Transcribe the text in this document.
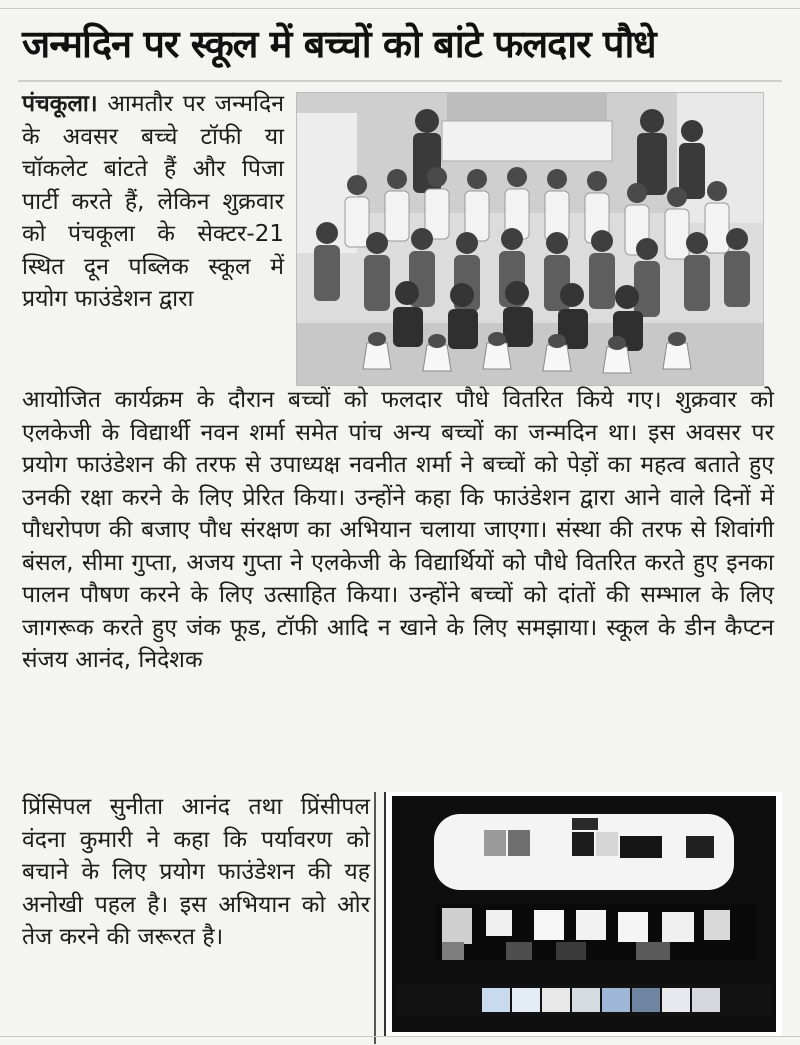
जन्मदिन पर स्कूल में बच्चों को बांटे फलदार पौधे
पंचकूला। आमतौर पर जन्मदिन के अवसर बच्चे टॉफी या चॉकलेट बांटते हैं और पिजा पार्टी करते हैं, लेकिन शुक्रवार को पंचकूला के सेक्टर-21 स्थित दून पब्लिक स्कूल में प्रयोग फाउंडेशन द्वारा
आयोजित कार्यक्रम के दौरान बच्चों को फलदार पौधे वितरित किये गए। शुक्रवार को एलकेजी के विद्यार्थी नवन शर्मा समेत पांच अन्य बच्चों का जन्मदिन था। इस अवसर पर प्रयोग फाउंडेशन की तरफ से उपाध्यक्ष नवनीत शर्मा ने बच्चों को पेड़ों का महत्व बताते हुए उनकी रक्षा करने के लिए प्रेरित किया। उन्होंने कहा कि फाउंडेशन द्वारा आने वाले दिनों में पौधरोपण की बजाए पौध संरक्षण का अभियान चलाया जाएगा। संस्था की तरफ से शिवांगी बंसल, सीमा गुप्ता, अजय गुप्ता ने एलकेजी के विद्यार्थियों को पौधे वितरित करते हुए इनका पालन पौषण करने के लिए उत्साहित किया। उन्होंने बच्चों को दांतों की सम्भाल के लिए जागरूक करते हुए जंक फूड, टॉफी आदि न खाने के लिए समझाया। स्कूल के डीन कैप्टन संजय आनंद, निदेशक
प्रिंसिपल सुनीता आनंद तथा प्रिंसीपल वंदना कुमारी ने कहा कि पर्यावरण को बचाने के लिए प्रयोग फाउंडेशन की यह अनोखी पहल है। इस अभियान को ओर तेज करने की जरूरत है।
